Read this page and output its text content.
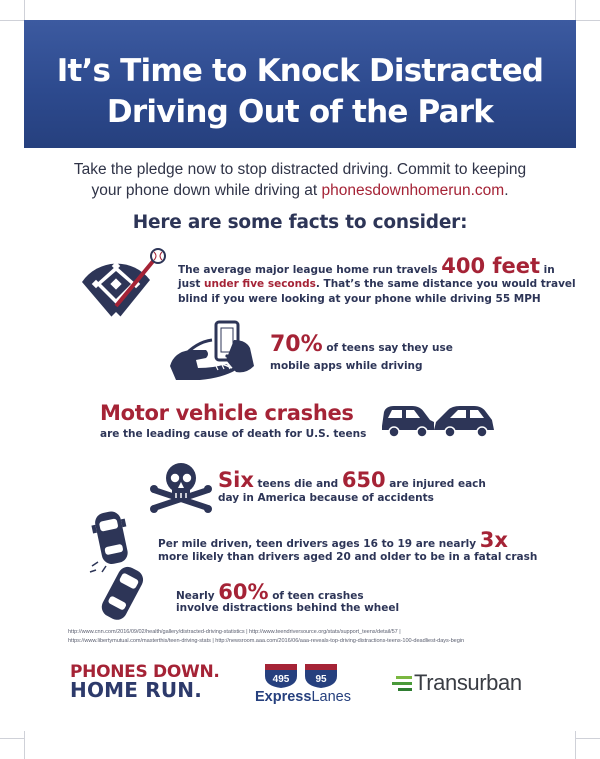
It’s Time to Knock Distracted
Driving Out of the Park
Take the pledge now to stop distracted driving. Commit to keeping
your phone down while driving at phonesdownhomerun.com.
Here are some facts to consider:
The average major league home run travels 400 feet in
just under five seconds. That’s the same distance you would travel
blind if you were looking at your phone while driving 55 MPH
70% of teens say they use
mobile apps while driving
Motor vehicle crashes
are the leading cause of death for U.S. teens
Six teens die and 650 are injured each
day in America because of accidents
Per mile driven, teen drivers ages 16 to 19 are nearly 3x
more likely than drivers aged 20 and older to be in a fatal crash
Nearly 60% of teen crashes
involve distractions behind the wheel
http://www.cnn.com/2016/09/02/health/gallery/distracted-driving-statistics | http://www.teendriversource.org/stats/support_teens/detail/57 |
https://www.libertymutual.com/masterthis/teen-driving-stats | http://newsroom.aaa.com/2016/06/aaa-reveals-top-driving-distractions-teens-100-deadliest-days-begin
PHONES DOWN.
HOME RUN.	495	95
ExpressLanes
Transurban
